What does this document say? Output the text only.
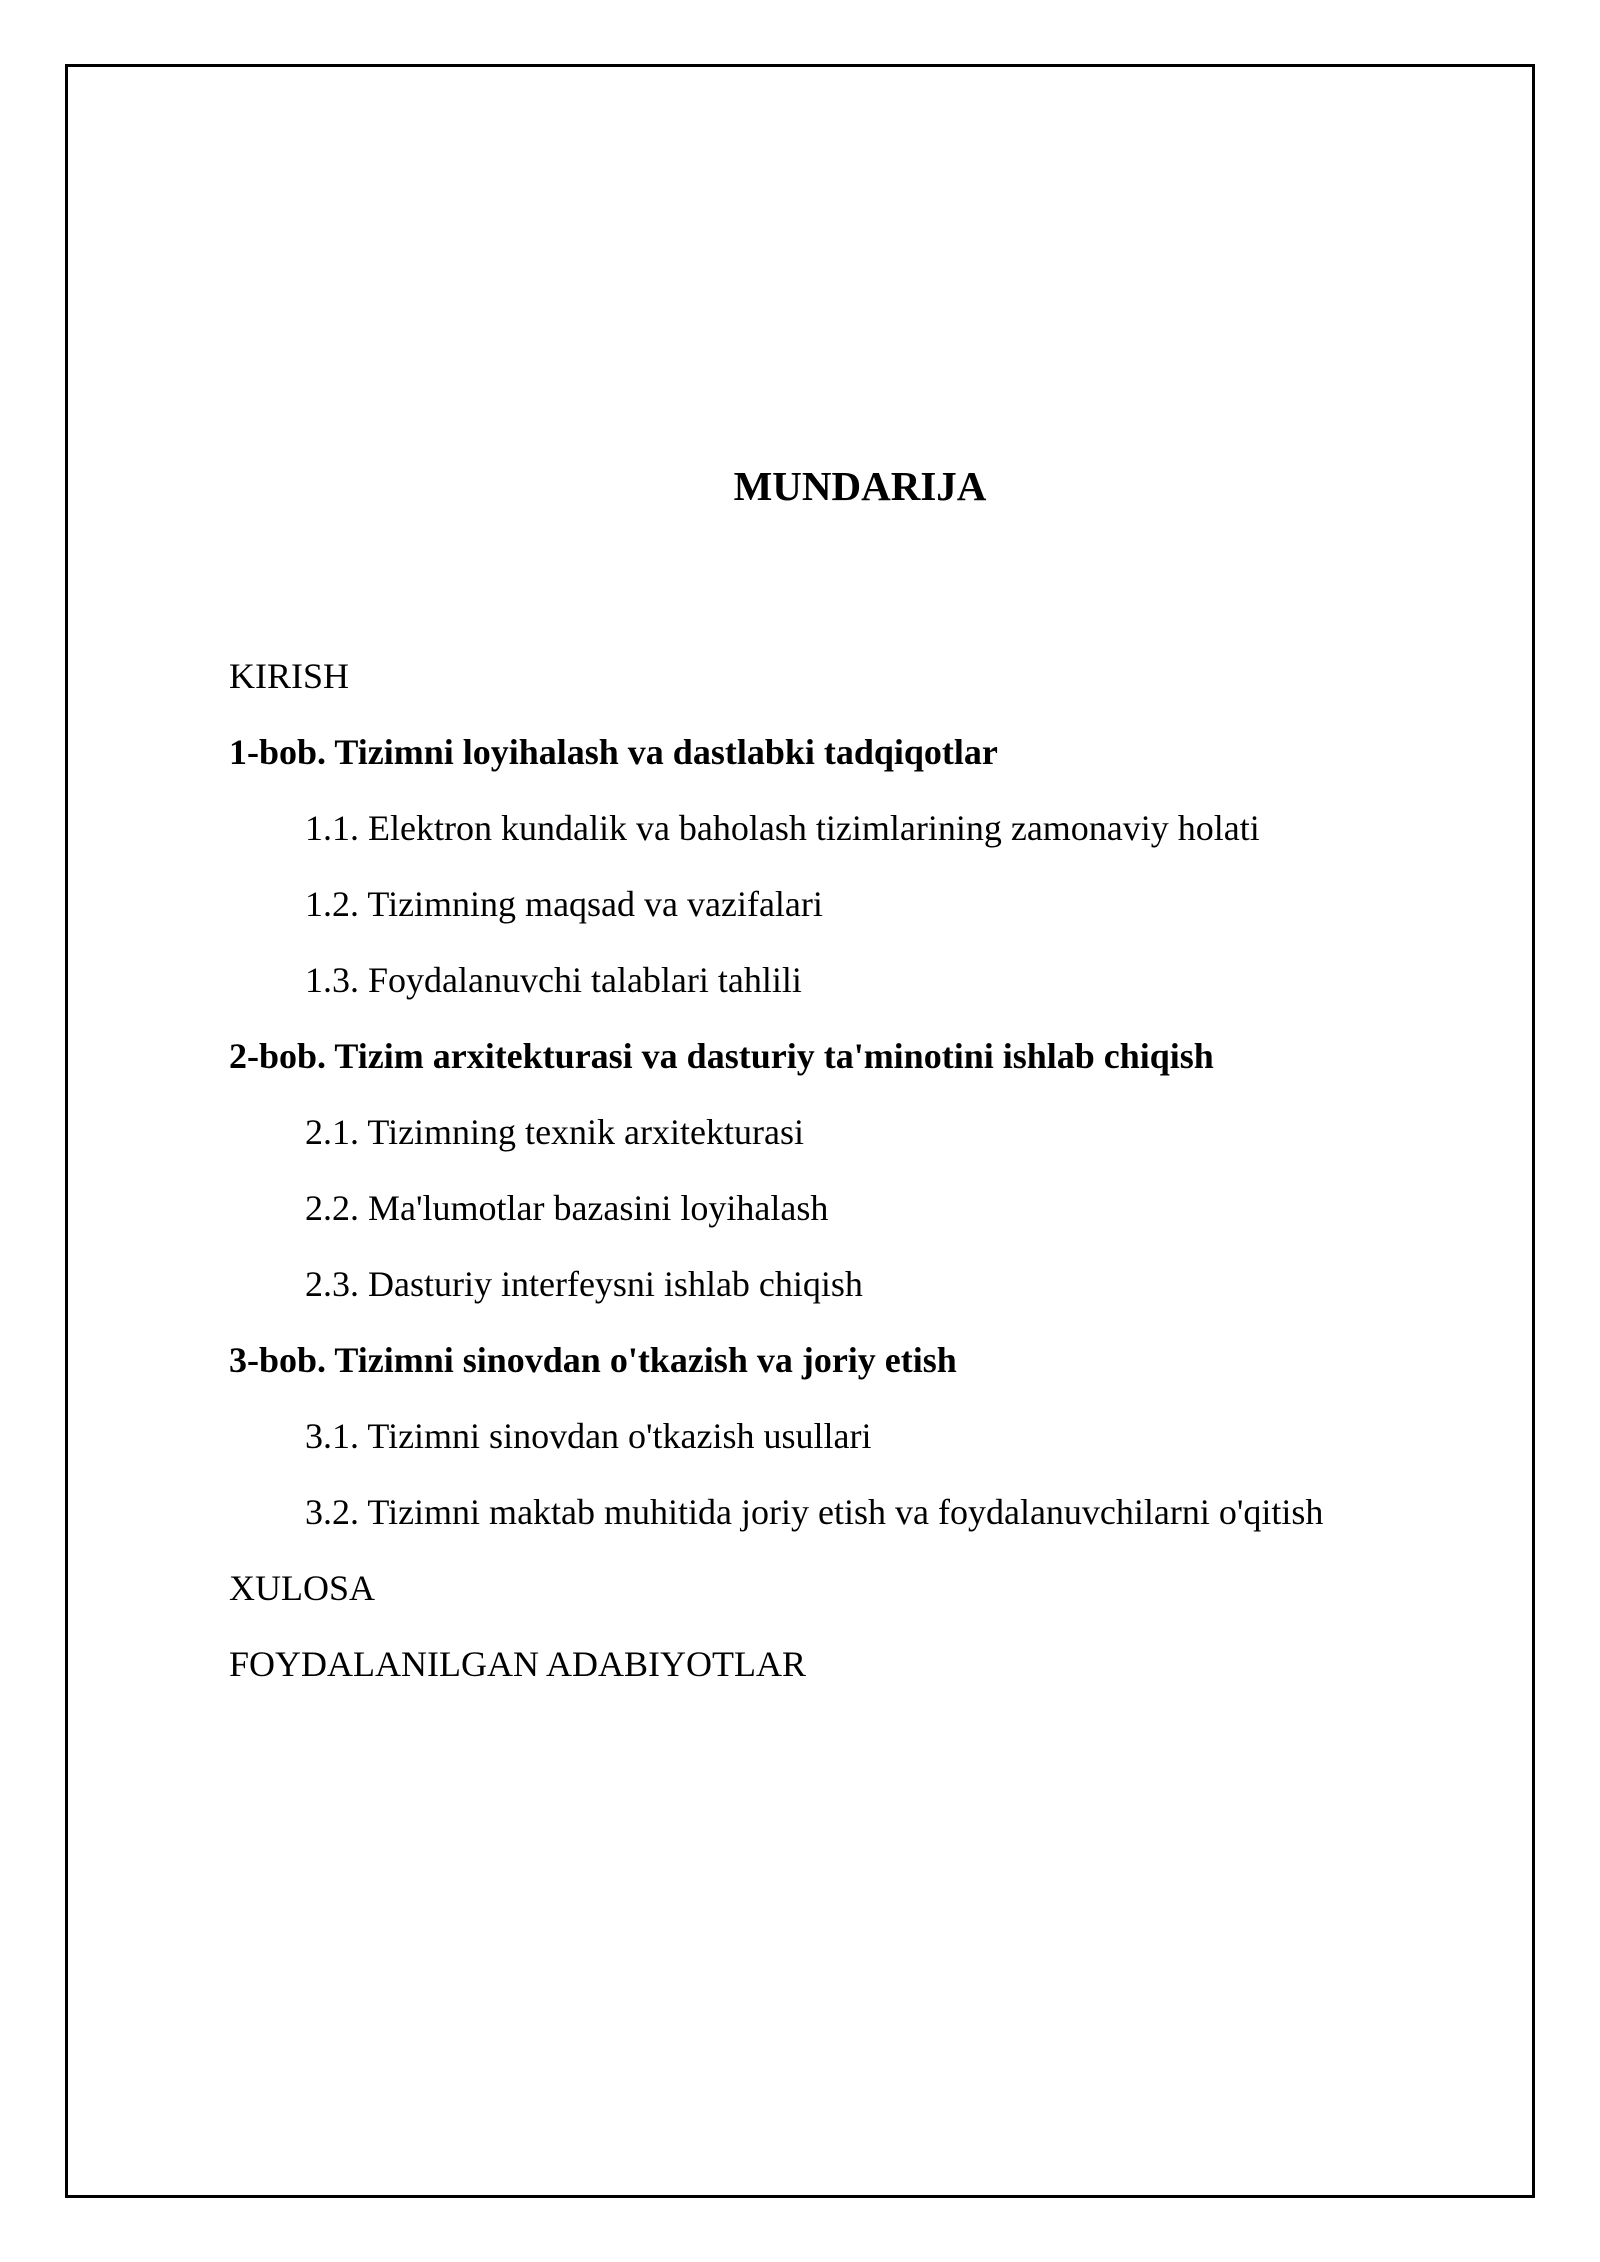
MUNDARIJA
KIRISH
1-bob. Tizimni loyihalash va dastlabki tadqiqotlar
1.1. Elektron kundalik va baholash tizimlarining zamonaviy holati
1.2. Tizimning maqsad va vazifalari
1.3. Foydalanuvchi talablari tahlili
2-bob. Tizim arxitekturasi va dasturiy ta'minotini ishlab chiqish
2.1. Tizimning texnik arxitekturasi
2.2. Ma'lumotlar bazasini loyihalash
2.3. Dasturiy interfeysni ishlab chiqish
3-bob. Tizimni sinovdan o'tkazish va joriy etish
3.1. Tizimni sinovdan o'tkazish usullari
3.2. Tizimni maktab muhitida joriy etish va foydalanuvchilarni o'qitish
XULOSA
FOYDALANILGAN ADABIYOTLAR
